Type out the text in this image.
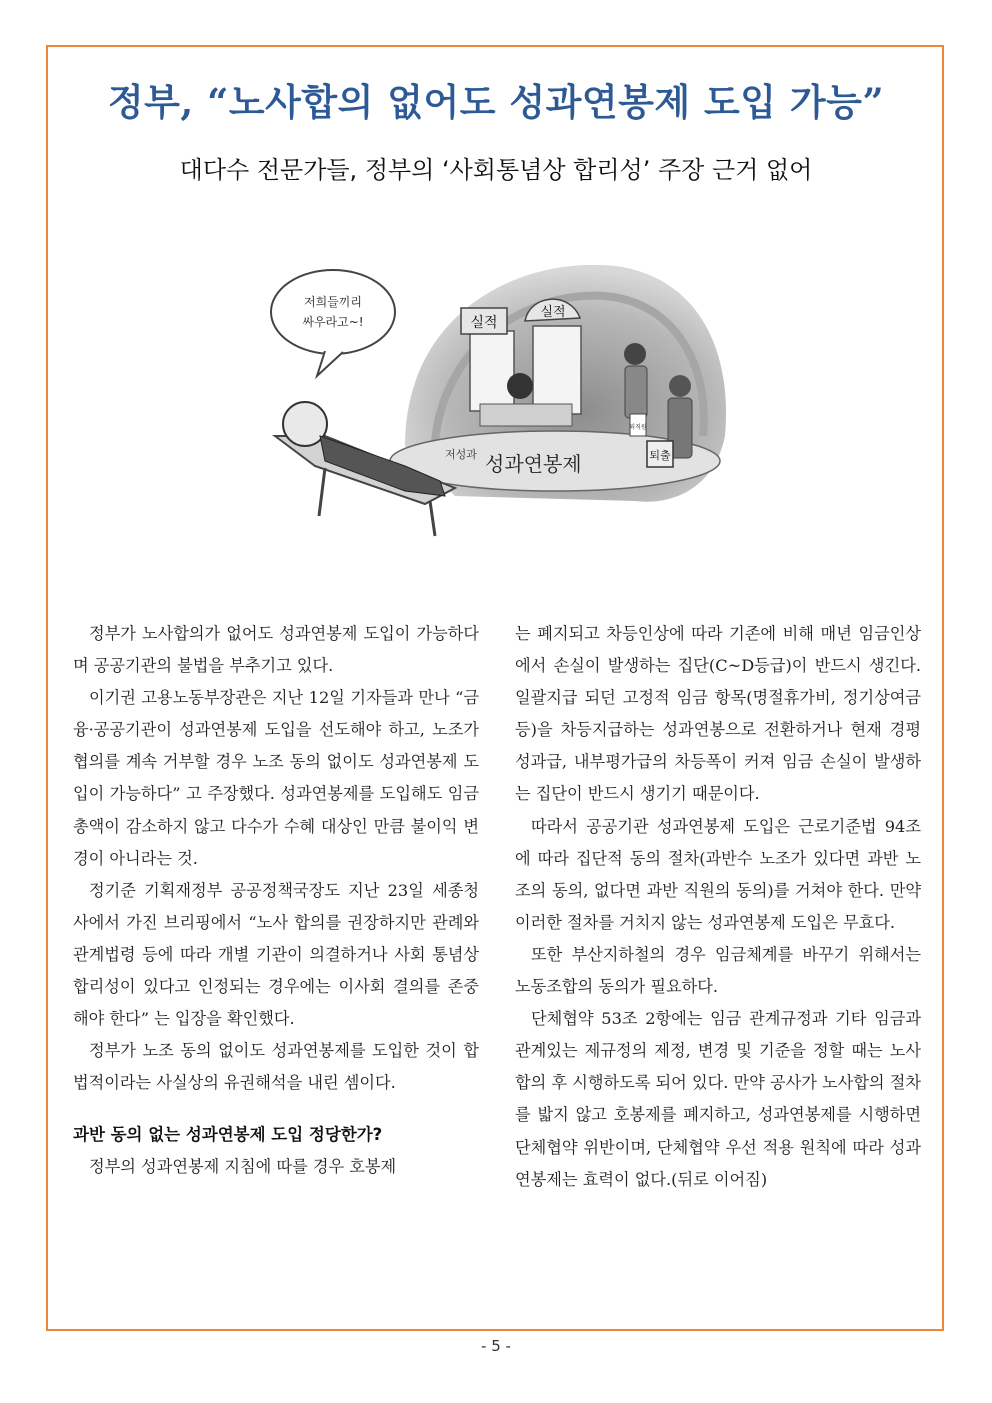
정부, “노사합의 없어도 성과연봉제 도입 가능”
대다수 전문가들, 정부의 ‘사회통념상 합리성’ 주장 근거 없어
저성과 성과연봉제
저희들끼리
싸우라고~!	실적
실적
퇴직원
퇴출

정부가 노사합의가 없어도 성과연봉제 도입이 가능하다며 공공기관의 불법을 부추기고 있다.

이기권 고용노동부장관은 지난 12일 기자들과 만나 “금융·공공기관이 성과연봉제 도입을 선도해야 하고, 노조가 협의를 계속 거부할 경우 노조 동의 없이도 성과연봉제 도입이 가능하다” 고 주장했다. 성과연봉제를 도입해도 임금 총액이 감소하지 않고 다수가 수혜 대상인 만큼 불이익 변경이 아니라는 것.

정기준 기획재정부 공공정책국장도 지난 23일 세종청사에서 가진 브리핑에서 “노사 합의를 권장하지만 관례와 관계법령 등에 따라 개별 기관이 의결하거나 사회 통념상 합리성이 있다고 인정되는 경우에는 이사회 결의를 존중해야 한다” 는 입장을 확인했다.

정부가 노조 동의 없이도 성과연봉제를 도입한 것이 합법적이라는 사실상의 유권해석을 내린 셈이다.

과반 동의 없는 성과연봉제 도입 정당한가?

정부의 성과연봉제 지침에 따를 경우 호봉제

는 폐지되고 차등인상에 따라 기존에 비해 매년 임금인상에서 손실이 발생하는 집단(C~D등급)이 반드시 생긴다. 일괄지급 되던 고정적 임금 항목(명절휴가비, 정기상여금 등)을 차등지급하는 성과연봉으로 전환하거나 현재 경평성과급, 내부평가급의 차등폭이 커져 임금 손실이 발생하는 집단이 반드시 생기기 때문이다.

따라서 공공기관 성과연봉제 도입은 근로기준법 94조에 따라 집단적 동의 절차(과반수 노조가 있다면 과반 노조의 동의, 없다면 과반 직원의 동의)를 거쳐야 한다. 만약 이러한 절차를 거치지 않는 성과연봉제 도입은 무효다.

또한 부산지하철의 경우 임금체계를 바꾸기 위해서는 노동조합의 동의가 필요하다.

단체협약 53조 2항에는 임금 관계규정과 기타 임금과 관계있는 제규정의 제정, 변경 및 기준을 정할 때는 노사 합의 후 시행하도록 되어 있다. 만약 공사가 노사합의 절차를 밟지 않고 호봉제를 폐지하고, 성과연봉제를 시행하면 단체협약 위반이며, 단체협약 우선 적용 원칙에 따라 성과연봉제는 효력이 없다.(뒤로 이어짐)

- 5 -
